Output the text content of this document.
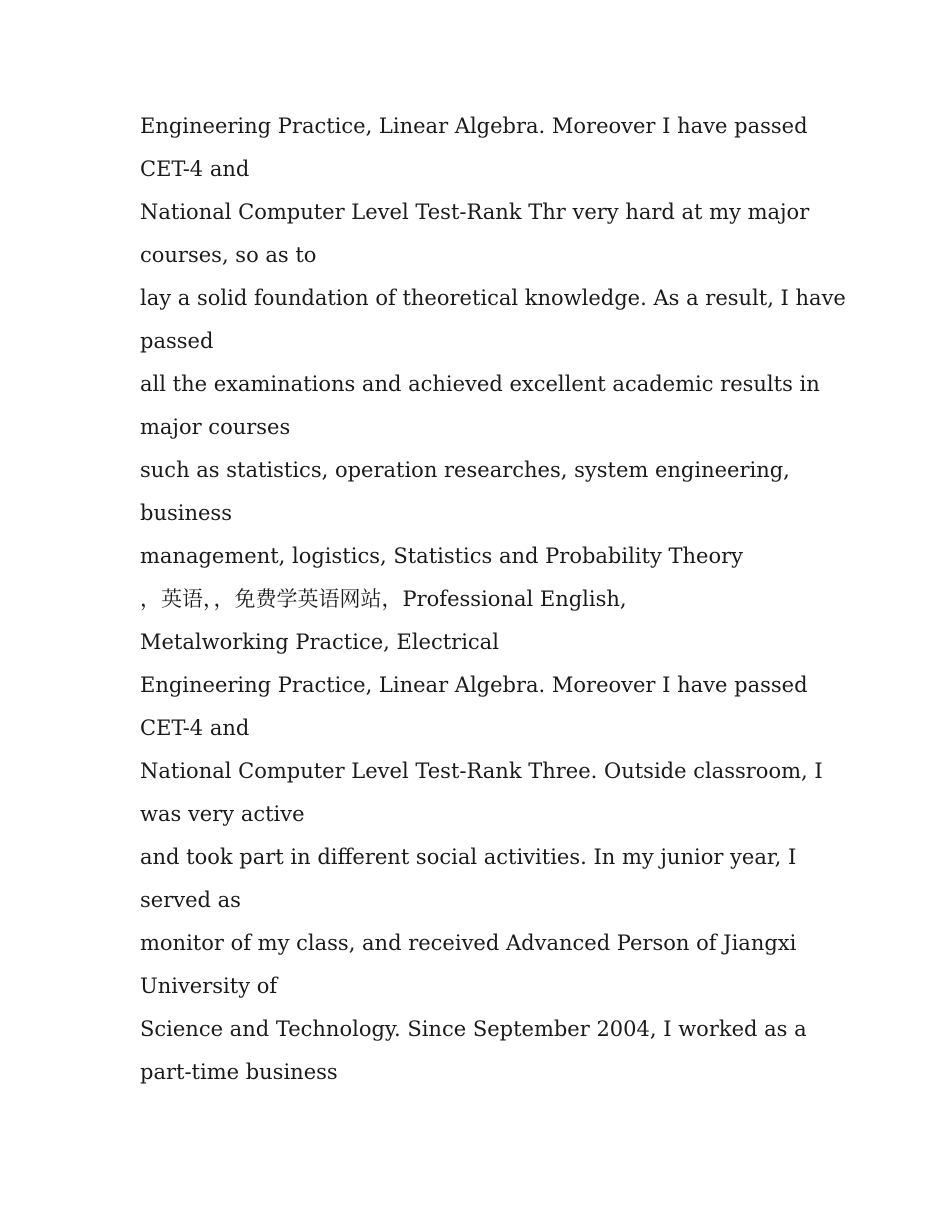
Engineering Practice, Linear Algebra. Moreover I have passed

CET-4 and

National Computer Level Test-Rank Thr very hard at my major

courses, so as to

lay a solid foundation of theoretical knowledge. As a result, I have

passed

all the examinations and achieved excellent academic results in

major courses

such as statistics, operation researches, system engineering,

business

management, logistics, Statistics and Probability Theory

，英语，，免费学英语网站，Professional English,

Metalworking Practice, Electrical

Engineering Practice, Linear Algebra. Moreover I have passed

CET-4 and

National Computer Level Test-Rank Three. Outside classroom, I

was very active

and took part in different social activities. In my junior year, I

served as

monitor of my class, and received Advanced Person of Jiangxi

University of

Science and Technology. Since September 2004, I worked as a

part-time business
